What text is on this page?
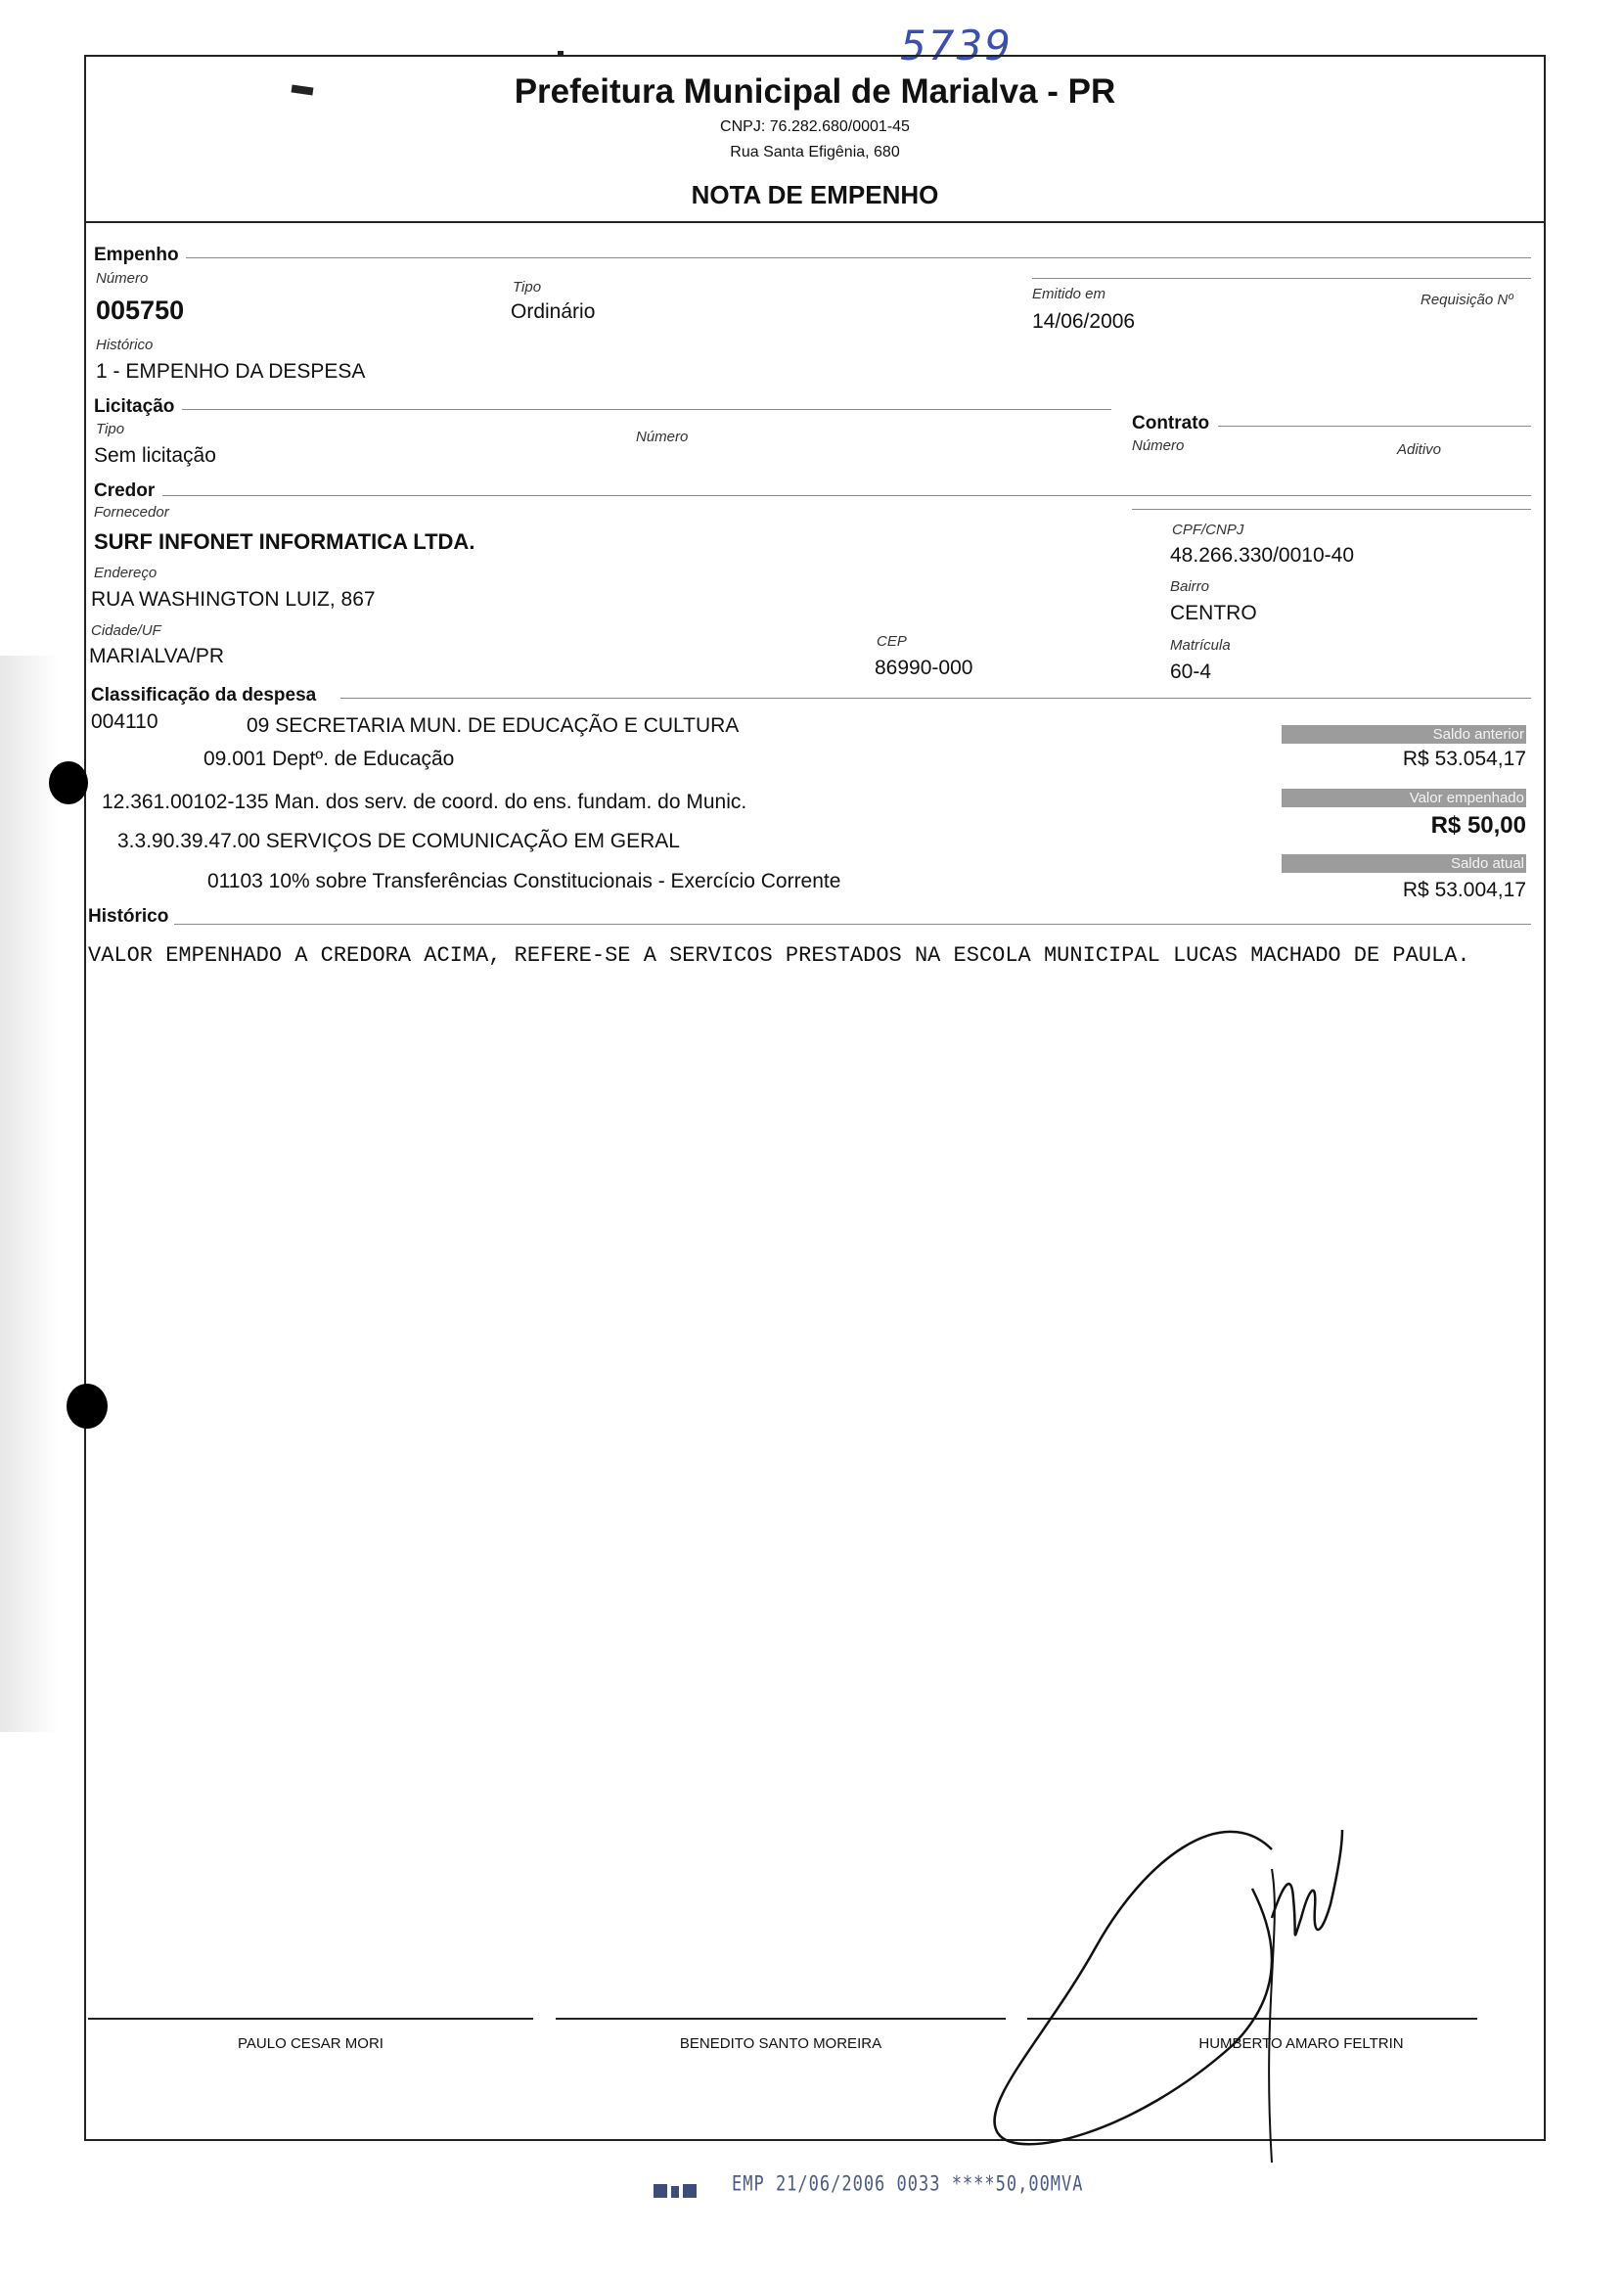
5739
Prefeitura Municipal de Marialva - PR
CNPJ: 76.282.680/0001-45
Rua Santa Efigênia, 680
NOTA DE EMPENHO
Empenho
Número
005750
Tipo
Ordinário
Emitido em
14/06/2006
Requisição Nº
Histórico
1 - EMPENHO DA DESPESA
Licitação
Tipo
Sem licitação
Número
Contrato
Número	Aditivo
Credor
Fornecedor
SURF INFONET INFORMATICA LTDA.	CPF/CNPJ
48.266.330/0010-40
Endereço
RUA WASHINGTON LUIZ, 867
Bairro
CENTRO
Cidade/UF
MARIALVA/PR
CEP
86990-000
Matrícula
60-4
Classificação da despesa
004110	09 SECRETARIA MUN. DE EDUCAÇÃO E CULTURA
09.001 Deptº. de Educação
12.361.00102-135 Man. dos serv. de coord. do ens. fundam. do Munic.
3.3.90.39.47.00 SERVIÇOS DE COMUNICAÇÃO EM GERAL
01103 10% sobre Transferências Constitucionais - Exercício Corrente
Saldo anterior
R$ 53.054,17
Valor empenhado
R$ 50,00
Saldo atual
R$ 53.004,17
Histórico
VALOR EMPENHADO A CREDORA ACIMA, REFERE-SE A SERVICOS PRESTADOS NA ESCOLA MUNICIPAL LUCAS MACHADO DE PAULA.
PAULO CESAR MORI	BENEDITO SANTO MOREIRA	HUMBERTO AMARO FELTRIN
EMP 21/06/2006 0033 ****50,00MVA
